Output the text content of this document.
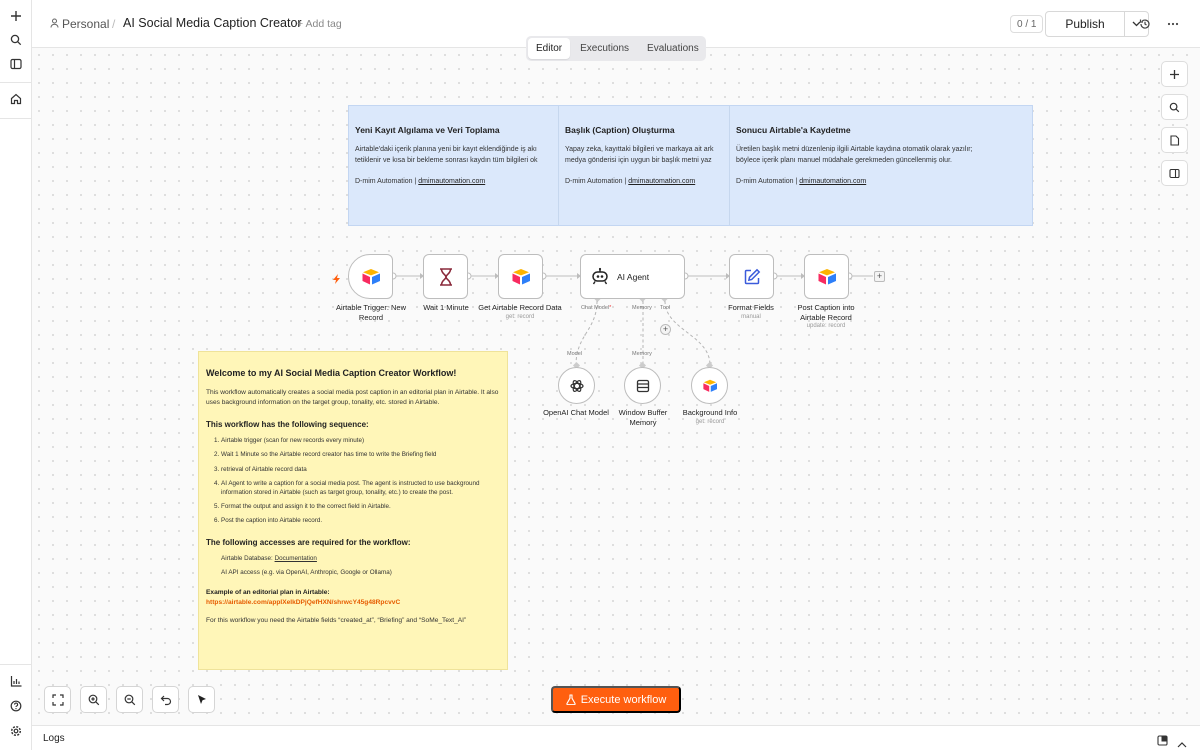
Personal / AI Social Media Caption Creator
+ Add tag	0 / 1	Publish
Editor	Executions	Evaluations
Yeni Kayıt Algılama ve Veri Toplama

Airtable'daki içerik planına yeni bir kayıt eklendiğinde iş akı

tetiklenir ve kısa bir bekleme sonrası kaydın tüm bilgileri ok

D-mim Automation | dmimautomation.com
Başlık (Caption) Oluşturma

Yapay zeka, kayıttaki bilgileri ve markaya ait ark

medya gönderisi için uygun bir başlık metni yaz

D-mim Automation | dmimautomation.com
Sonucu Airtable'a Kaydetme

Üretilen başlık metni düzenlenip ilgili Airtable kaydına otomatik olarak yazılır;

böylece içerik planı manuel müdahale gerekmeden güncellenmiş olur.

D-mim Automation | dmimautomation.com
Welcome to my AI Social Media Caption Creator Workflow!

This workflow automatically creates a social media post caption in an editorial plan in Airtable. It also uses background information on the target group, tonality, etc. stored in Airtable.

This workflow has the following sequence:
1. Airtable trigger (scan for new records every minute)
2. Wait 1 Minute so the Airtable record creator has time to write the Briefing field
3. retrieval of Airtable record data
4. AI Agent to write a caption for a social media post. The agent is instructed to use background information stored in Airtable (such as target group, tonality, etc.) to create the post.
5. Format the output and assign it to the correct field in Airtable.
6. Post the caption into Airtable record.
The following accesses are required for the workflow:
Airtable Database: Documentation
AI API access (e.g. via OpenAI, Anthropic, Google or Ollama)

Example of an editorial plan in Airtable:

https://airtable.com/appIXeIkDPjQefHXN/shrwcY45g48RpcvvC

For this workflow you need the Airtable fields “created_at”, “Briefing” and “SoMe_Text_AI”

Airtable Trigger: New
Record
Wait 1 Minute	Get Airtable Record Data
get: record
AI Agent
Chat Model*	Memory Tool
+
Format Fields
manual
Post Caption into
Airtable Record
update: record
+
Model	Memory
OpenAI Chat Model	Window Buffer
Memory
Background Info
get: record
Execute workflow
Logs
